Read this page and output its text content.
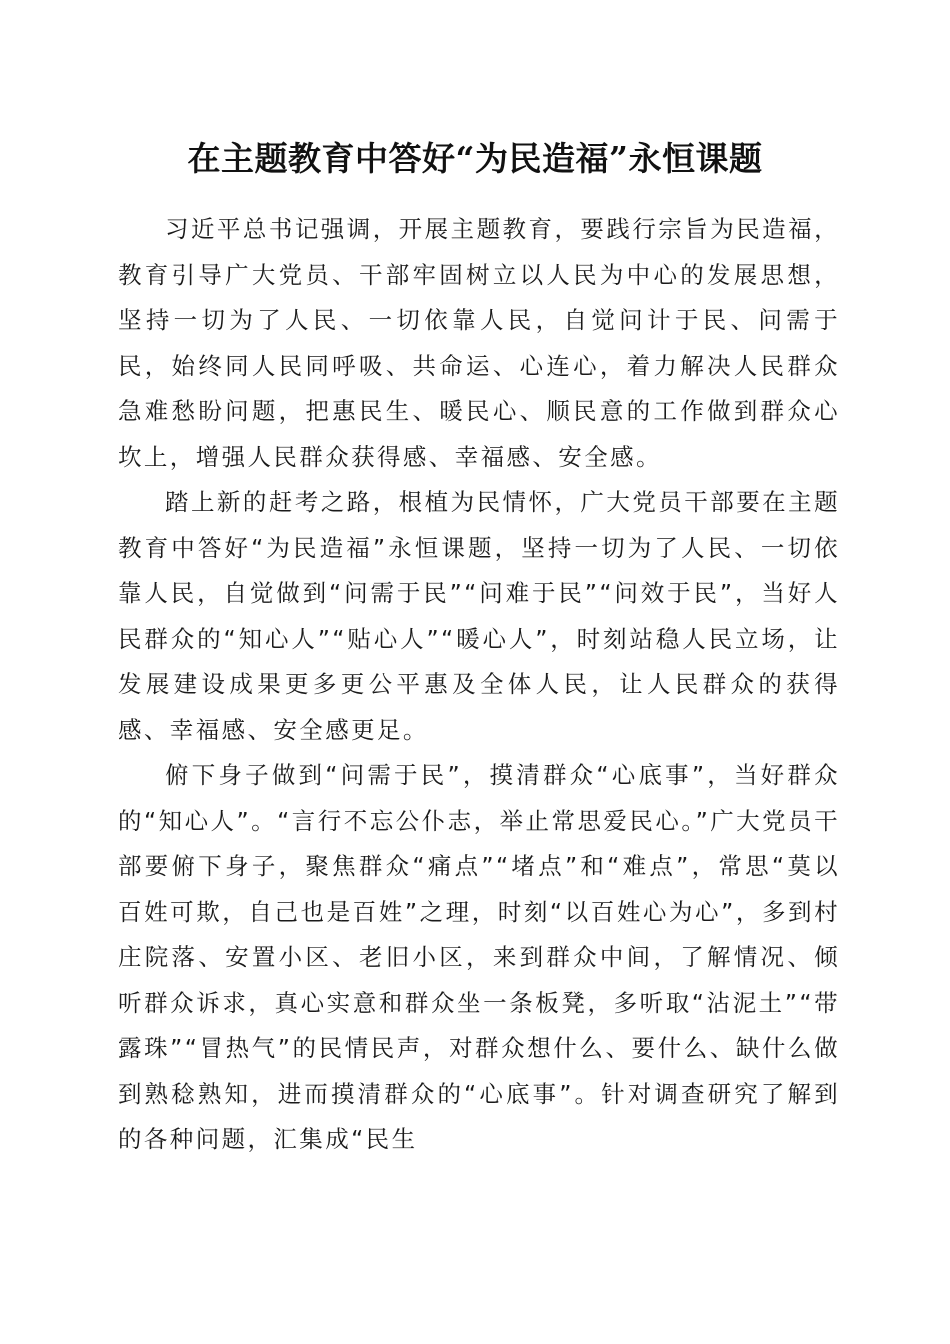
在主题教育中答好“为民造福”永恒课题

习近平总书记强调，开展主题教育，要践行宗旨为民造福，教育引导广大党员、干部牢固树立以人民为中心的发展思想，坚持一切为了人民、一切依靠人民，自觉问计于民、问需于民，始终同人民同呼吸、共命运、心连心，着力解决人民群众急难愁盼问题，把惠民生、暖民心、顺民意的工作做到群众心坎上，增强人民群众获得感、幸福感、安全感。

踏上新的赶考之路，根植为民情怀，广大党员干部要在主题教育中答好“为民造福”永恒课题，坚持一切为了人民、一切依靠人民，自觉做到“问需于民”“问难于民”“问效于民”，当好人民群众的“知心人”“贴心人”“暖心人”，时刻站稳人民立场，让发展建设成果更多更公平惠及全体人民，让人民群众的获得感、幸福感、安全感更足。

俯下身子做到“问需于民”，摸清群众“心底事”，当好群众的“知心人”。“言行不忘公仆志，举止常思爱民心。”广大党员干部要俯下身子，聚焦群众“痛点”“堵点”和“难点”，常思“莫以百姓可欺，自己也是百姓”之理，时刻“以百姓心为心”，多到村庄院落、安置小区、老旧小区，来到群众中间，了解情况、倾听群众诉求，真心实意和群众坐一条板凳，多听取“沾泥土”“带露珠”“冒热气”的民情民声，对群众想什么、要什么、缺什么做到熟稔熟知，进而摸清群众的“心底事”。针对调查研究了解到的各种问题，汇集成“民生
